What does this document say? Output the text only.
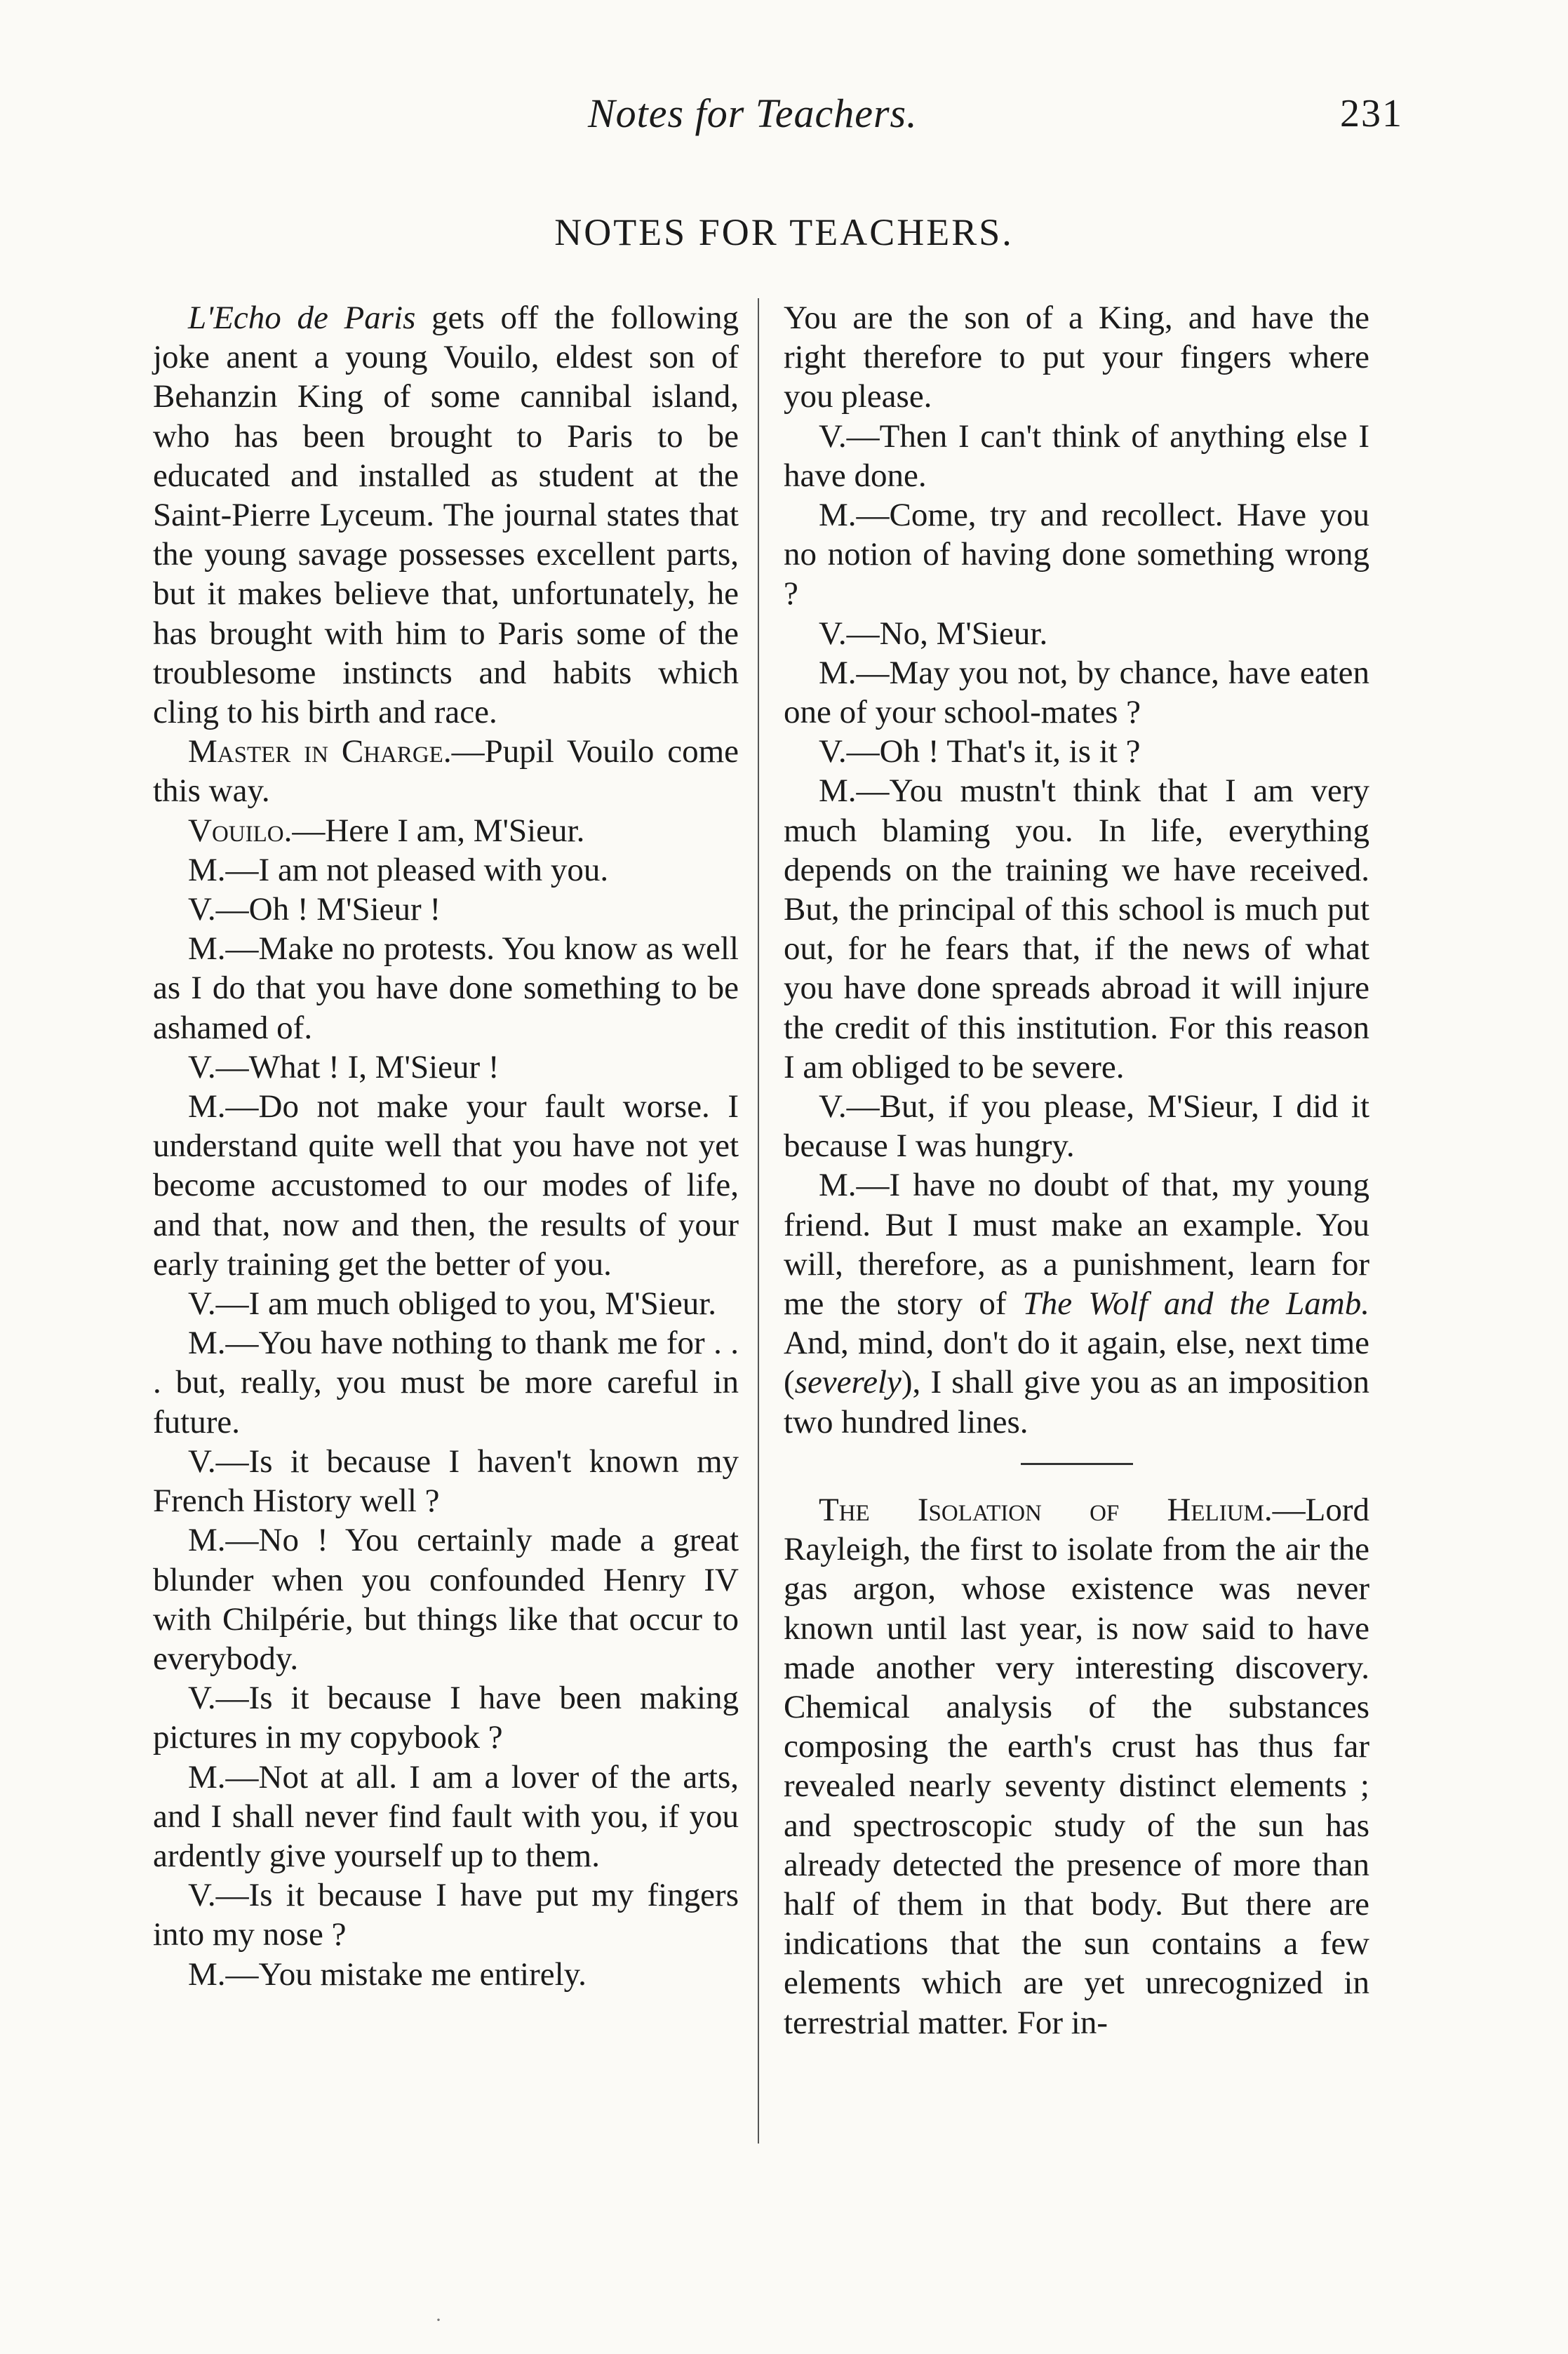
Notes for Teachers.	231
NOTES FOR TEACHERS.

L'Echo de Paris gets off the following joke anent a young Vouilo, eldest son of Behanzin King of some cannibal island, who has been brought to Paris to be educated and installed as student at the Saint-Pierre Lyceum. The journal states that the young savage possesses excellent parts, but it makes believe that, unfortunately, he has brought with him to Paris some of the troublesome instincts and habits which cling to his birth and race.

Master in Charge.—Pupil Vouilo come this way.

Vouilo.—Here I am, M'Sieur.

M.—I am not pleased with you.

V.—Oh ! M'Sieur !

M.—Make no protests. You know as well as I do that you have done something to be ashamed of.

V.—What ! I, M'Sieur !

M.—Do not make your fault worse. I understand quite well that you have not yet become accustomed to our modes of life, and that, now and then, the results of your early training get the better of you.

V.—I am much obliged to you, M'Sieur.

M.—You have nothing to thank me for . . . but, really, you must be more careful in future.

V.—Is it because I haven't known my French History well ?

M.—No ! You certainly made a great blunder when you confounded Henry IV with Chilpérie, but things like that occur to everybody.

V.—Is it because I have been making pictures in my copybook ?

M.—Not at all. I am a lover of the arts, and I shall never find fault with you, if you ardently give yourself up to them.

V.—Is it because I have put my fingers into my nose ?

M.—You mistake me entirely.

You are the son of a King, and have the right therefore to put your fingers where you please.

V.—Then I can't think of anything else I have done.

M.—Come, try and recollect. Have you no notion of having done something wrong ?

V.—No, M'Sieur.

M.—May you not, by chance, have eaten one of your school-mates ?

V.—Oh ! That's it, is it ?

M.—You mustn't think that I am very much blaming you. In life, everything depends on the training we have received. But, the principal of this school is much put out, for he fears that, if the news of what you have done spreads abroad it will injure the credit of this institution. For this reason I am obliged to be severe.

V.—But, if you please, M'Sieur, I did it because I was hungry.

M.—I have no doubt of that, my young friend. But I must make an example. You will, therefore, as a punishment, learn for me the story of The Wolf and the Lamb. And, mind, don't do it again, else, next time (severely), I shall give you as an imposition two hundred lines.

The Isolation of Helium.—Lord Rayleigh, the first to isolate from the air the gas argon, whose existence was never known until last year, is now said to have made another very interesting discovery. Chemical analysis of the substances composing the earth's crust has thus far revealed nearly seventy distinct elements ; and spectroscopic study of the sun has already detected the presence of more than half of them in that body. But there are indications that the sun contains a few elements which are yet unrecognized in terrestrial matter. For in-

·
